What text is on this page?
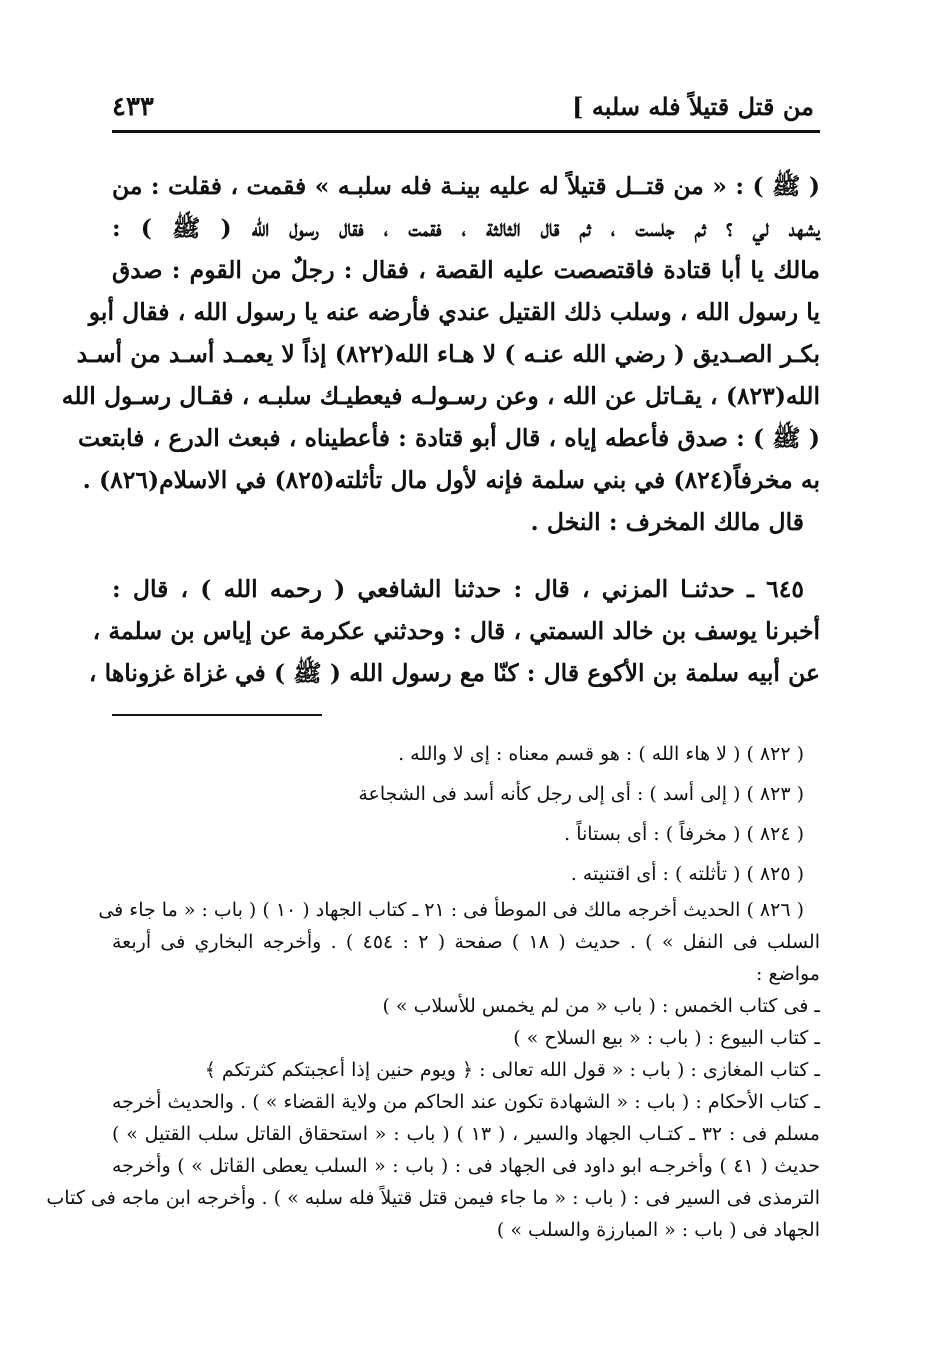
من قتل قتيلاً فله سلبه ]
٤٣٣
( ﷺ ) : « من قتــل قتيلاً له عليه بينـة فله سلبـه » فقمت ، فقلت : من
يشهد لي ؟ ثم جلست ، ثم قال الثالثة ، فقمت ، فقال رسول الله ( ﷺ ) :
مالك يا أبا قتادة فاقتصصت عليه القصة ، فقال : رجلٌ من القوم : صدق
يا رسول الله ، وسلب ذلك القتيل عندي فأرضه عنه يا رسول الله ، فقال أبو
بكـر الصـديق ( رضي الله عنـه ) لا هـاء الله(٨٢٢) إذاً لا يعمـد أسـد من أسـد
الله(٨٢٣) ، يقـاتل عن الله ، وعن رسـولـه فيعطيـك سلبـه ، فقـال رسـول الله
( ﷺ ) : صدق فأعطه إياه ، قال أبو قتادة : فأعطيناه ، فبعث الدرع ، فابتعت
به مخرفاً(٨٢٤) في بني سلمة فإنه لأول مال تأثلته(٨٢٥) في الاسلام(٨٢٦) .
قال مالك المخرف : النخل .
٦٤٥ ـ حدثنـا المزني ، قال : حدثنا الشافعي ( رحمه الله ) ، قال :
أخبرنا يوسف بن خالد السمتي ، قال : وحدثني عكرمة عن إياس بن سلمة ،
عن أبيه سلمة بن الأكوع قال : كنّا مع رسول الله ( ﷺ ) في غزاة غزوناها ،
( ٨٢٢ ) ( لا هاء الله ) : هو قسم معناه : إى لا والله .
( ٨٢٣ ) ( إلى أسد ) : أى إلى رجل كأنه أسد فى الشجاعة
( ٨٢٤ ) ( مخرفاً ) : أى بستاناً .
( ٨٢٥ ) ( تأثلته ) : أى اقتنيته .
( ٨٢٦ ) الحديث أخرجه مالك فى الموطأ فى : ٢١ ـ كتاب الجهاد ( ١٠ ) ( باب : « ما جاء فى
السلب فى النفل » ) . حديث ( ١٨ ) صفحة ( ٢ : ٤٥٤ ) . وأخرجه البخاري فى أربعة
مواضع :
ـ فى كتاب الخمس : ( باب « من لم يخمس للأسلاب » )
ـ كتاب البيوع : ( باب : « بيع السلاح » )
ـ كتاب المغازى : ( باب : « قول الله تعالى : ﴿ ويوم حنين إذا أعجبتكم كثرتكم ﴾
ـ كتاب الأحكام : ( باب : « الشهادة تكون عند الحاكم من ولاية القضاء » ) . والحديث أخرجه
مسلم فى : ٣٢ ـ كتـاب الجهاد والسير ، ( ١٣ ) ( باب : « استحقاق القاتل سلب القتيل » )
حديث ( ٤١ ) وأخرجـه ابو داود فى الجهاد فى : ( باب : « السلب يعطى القاتل » ) وأخرجه
الترمذى فى السير فى : ( باب : « ما جاء فيمن قتل قتيلاً فله سلبه » ) . وأخرجه ابن ماجه فى كتاب
الجهاد فى ( باب : « المبارزة والسلب » )
